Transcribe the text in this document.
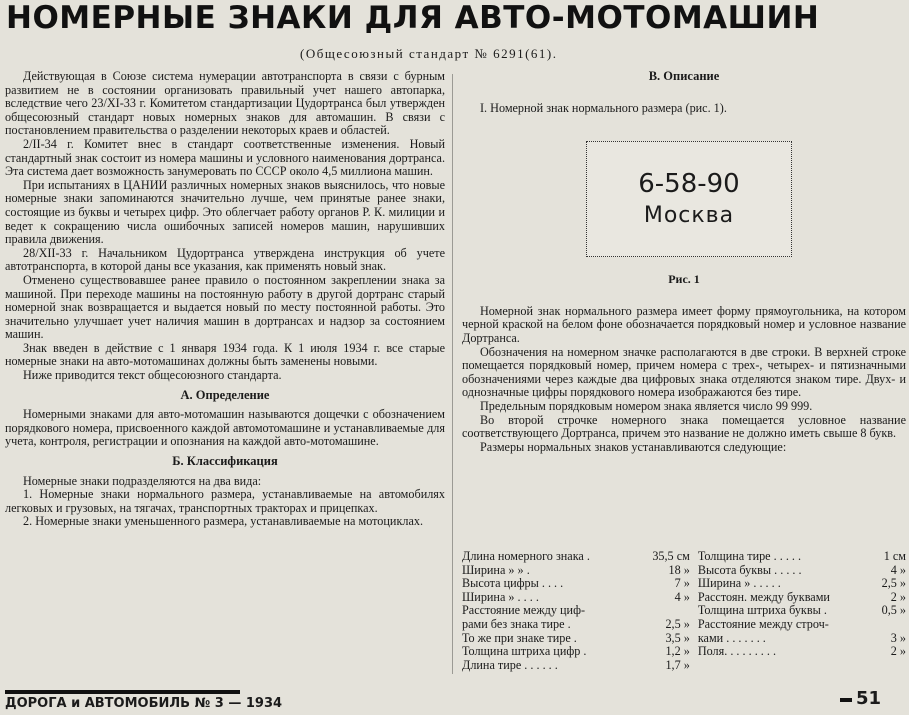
НОМЕРНЫЕ ЗНАКИ ДЛЯ АВТО-МОТОМАШИН
(Общесоюзный стандарт № 6291(61).

Действующая в Союзе система нумерации автотранспорта в связи с бурным развитием не в состоянии организовать правильный учет нашего автопарка, вследствие чего 23/XI-33 г. Комитетом стандартизации Цудортранса был утвержден общесоюзный стандарт новых номерных знаков для автомашин. В связи с постановлением правительства о разделении некоторых краев и областей.

2/II-34 г. Комитет внес в стандарт соответственные изменения. Новый стандартный знак состоит из номера машины и условного наименования дортранса. Эта система дает возможность занумеровать по СССР около 4,5 миллиона машин.

При испытаниях в ЦАНИИ различных номерных знаков выяснилось, что новые номерные знаки запоминаются значительно лучше, чем принятые ранее знаки, состоящие из буквы и четырех цифр. Это облегчает работу органов Р. К. милиции и ведет к сокращению числа ошибочных записей номеров машин, нарушивших правила движения.

28/XII-33 г. Начальником Цудортранса утверждена инструкция об учете автотранспорта, в которой даны все указания, как применять новый знак.

Отменено существовавшее ранее правило о постоянном закреплении знака за машиной. При переходе машины на постоянную работу в другой дортранс старый номерной знак возвращается и выдается новый по месту постоянной работы. Это значительно улучшает учет наличия машин в дортрансах и надзор за состоянием машин.

Знак введен в действие с 1 января 1934 года. К 1 июля 1934 г. все старые номерные знаки на авто-мотомашинах должны быть заменены новыми.

Ниже приводится текст общесоюзного стандарта.

А. Определение

Номерными знаками для авто-мотомашин называются дощечки с обозначением порядкового номера, присвоенного каждой автомотомашине и устанавливаемые для учета, контроля, регистрации и опознания на каждой авто-мотомашине.

Б. Классификация

Номерные знаки подразделяются на два вида:

1. Номерные знаки нормального размера, устанавливаемые на автомобилях легковых и грузовых, на тягачах, транспортных тракторах и прицепках.

2. Номерные знаки уменьшенного размера, устанавливаемые на мотоциклах.

В. Описание

I. Номерной знак нормального размера (рис. 1).

6-58-90
Москва
Рис. 1

Номерной знак нормального размера имеет форму прямоугольника, на котором черной краской на белом фоне обозначается порядковый номер и условное название Дортранса.

Обозначения на номерном значке располагаются в две строки. В верхней строке помещается порядковый номер, причем номера с трех-, четырех- и пятизначными обозначениями через каждые два цифровых знака отделяются знаком тире. Двух- и однозначные цифры порядкового номера изображаются без тире.

Предельным порядковым номером знака является число 99 999.

Во второй строчке номерного знака помещается условное название соответствующего Дортранса, причем это название не должно иметь свыше 8 букв.

Размеры нормальных знаков устанавливаются следующие:

Длина номерного знака .	35,5 см
Ширина » » .	18 »
Высота цифры . . . .	7 »
Ширина » . . . .	4 »
Расстояние между циф-
рами без знака тире .	2,5 »
То же при знаке тире .	3,5 »
Толщина штриха цифр .	1,2 »
Длина тире . . . . . .	1,7 »
Толщина тире . . . . .	1 см
Высота буквы . . . . .	4 »
Ширина » . . . . .	2,5 »
Расстоян. между буквами	2 »
Толщина штриха буквы .	0,5 »
Расстояние между строч-
ками . . . . . . .	3 »
Поля. . . . . . . . .	2 »
ДОРОГА и АВТОМОБИЛЬ № 3 — 1934	51
